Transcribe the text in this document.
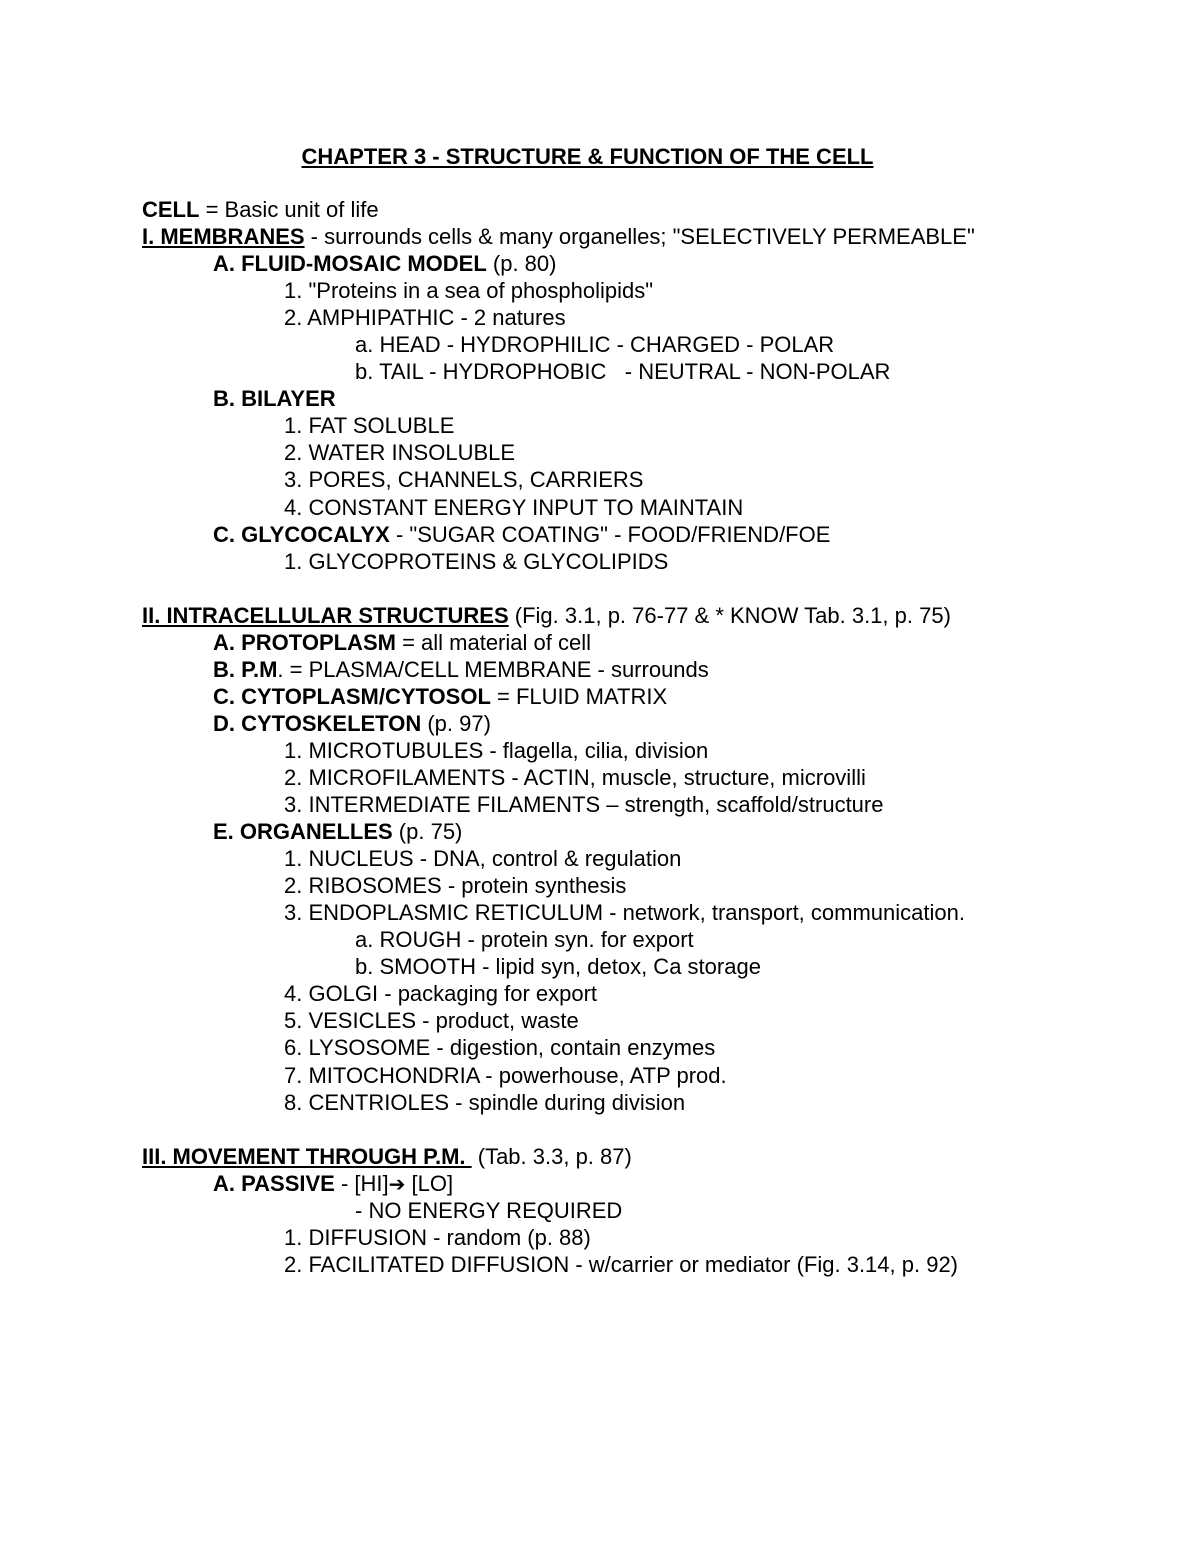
CHAPTER 3 - STRUCTURE & FUNCTION OF THE CELL
CELL = Basic unit of life
I. MEMBRANES - surrounds cells & many organelles; "SELECTIVELY PERMEABLE"
A. FLUID-MOSAIC MODEL (p. 80)
1. "Proteins in a sea of phospholipids"
2. AMPHIPATHIC - 2 natures
a. HEAD - HYDROPHILIC - CHARGED - POLAR
b. TAIL - HYDROPHOBIC   - NEUTRAL - NON-POLAR
B. BILAYER
1. FAT SOLUBLE
2. WATER INSOLUBLE
3. PORES, CHANNELS, CARRIERS
4. CONSTANT ENERGY INPUT TO MAINTAIN
C. GLYCOCALYX - "SUGAR COATING" - FOOD/FRIEND/FOE
1. GLYCOPROTEINS & GLYCOLIPIDS
II. INTRACELLULAR STRUCTURES (Fig. 3.1, p. 76-77 & * KNOW Tab. 3.1, p. 75)
A. PROTOPLASM = all material of cell
B. P.M. = PLASMA/CELL MEMBRANE - surrounds
C. CYTOPLASM/CYTOSOL = FLUID MATRIX
D. CYTOSKELETON (p. 97)
1. MICROTUBULES - flagella, cilia, division
2. MICROFILAMENTS - ACTIN, muscle, structure, microvilli
3. INTERMEDIATE FILAMENTS – strength, scaffold/structure
E. ORGANELLES (p. 75)
1. NUCLEUS - DNA, control & regulation
2. RIBOSOMES - protein synthesis
3. ENDOPLASMIC RETICULUM - network, transport, communication.
a. ROUGH - protein syn. for export
b. SMOOTH - lipid syn, detox, Ca storage
4. GOLGI - packaging for export
5. VESICLES - product, waste
6. LYSOSOME - digestion, contain enzymes
7. MITOCHONDRIA - powerhouse, ATP prod.
8. CENTRIOLES - spindle during division
III. MOVEMENT THROUGH P.M.  (Tab. 3.3, p. 87)
A. PASSIVE - [HI]➔ [LO]
- NO ENERGY REQUIRED
1. DIFFUSION - random (p. 88)
2. FACILITATED DIFFUSION - w/carrier or mediator (Fig. 3.14, p. 92)
